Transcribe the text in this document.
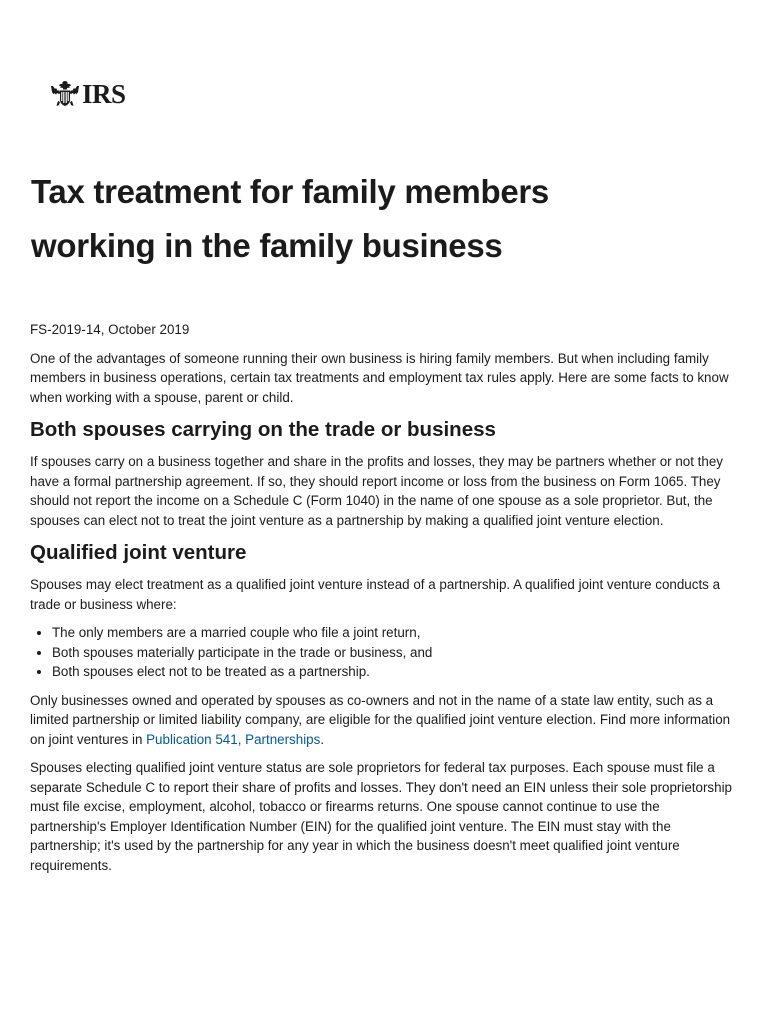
IRS
Tax treatment for family members
working in the family business

FS-2019-14, October 2019

One of the advantages of someone running their own business is hiring family members. But when including family members in business operations, certain tax treatments and employment tax rules apply. Here are some facts to know when working with a spouse, parent or child.

Both spouses carrying on the trade or business

If spouses carry on a business together and share in the profits and losses, they may be partners whether or not they have a formal partnership agreement. If so, they should report income or loss from the business on Form 1065. They should not report the income on a Schedule C (Form 1040) in the name of one spouse as a sole proprietor. But, the spouses can elect not to treat the joint venture as a partnership by making a qualified joint venture election.

Qualified joint venture

Spouses may elect treatment as a qualified joint venture instead of a partnership. A qualified joint venture conducts a trade or business where:

• The only members are a married couple who file a joint return,
• Both spouses materially participate in the trade or business, and
• Both spouses elect not to be treated as a partnership.

Only businesses owned and operated by spouses as co-owners and not in the name of a state law entity, such as a limited partnership or limited liability company, are eligible for the qualified joint venture election. Find more information on joint ventures in Publication 541, Partnerships.

Spouses electing qualified joint venture status are sole proprietors for federal tax purposes. Each spouse must file a separate Schedule C to report their share of profits and losses. They don't need an EIN unless their sole proprietorship must file excise, employment, alcohol, tobacco or firearms returns. One spouse cannot continue to use the partnership's Employer Identification Number (EIN) for the qualified joint venture. The EIN must stay with the partnership; it's used by the partnership for any year in which the business doesn't meet qualified joint venture requirements.
